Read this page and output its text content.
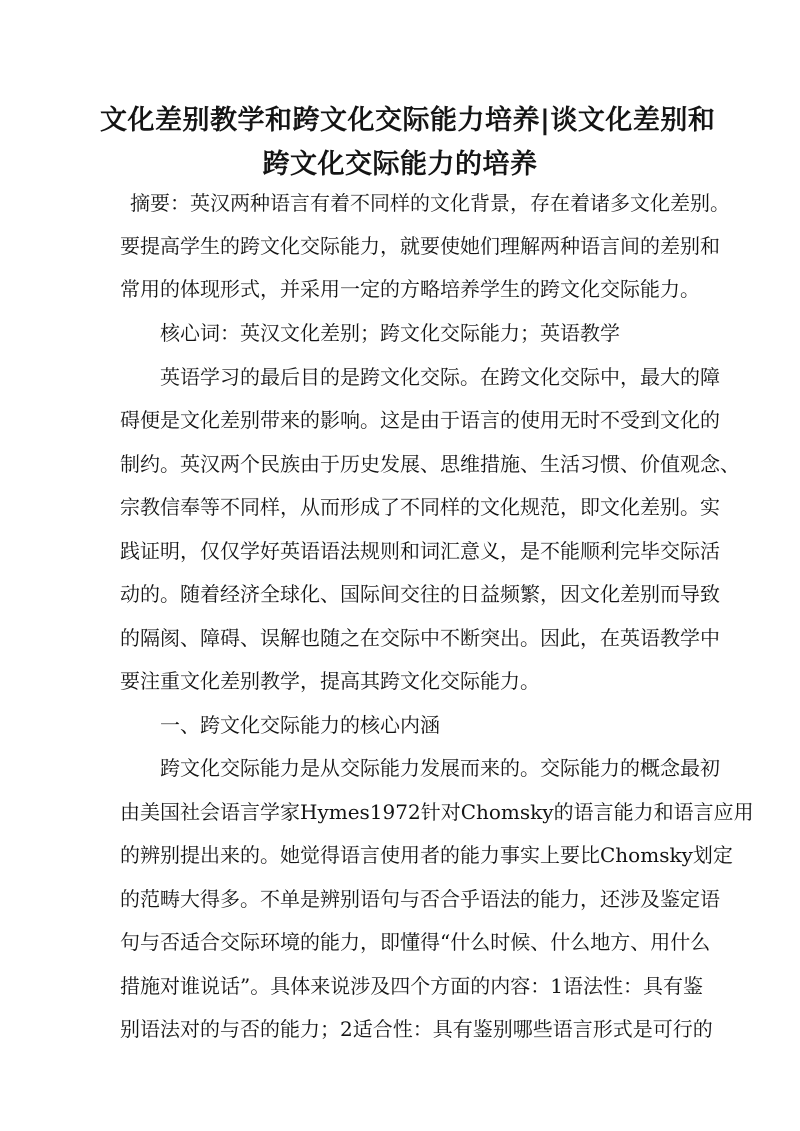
文化差别教学和跨文化交际能力培养|谈文化差别和
跨文化交际能力的培养
摘要：英汉两种语言有着不同样的文化背景，存在着诸多文化差别。
要提高学生的跨文化交际能力，就要使她们理解两种语言间的差别和
常用的体现形式，并采用一定的方略培养学生的跨文化交际能力。
核心词：英汉文化差别；跨文化交际能力；英语教学
英语学习的最后目的是跨文化交际。在跨文化交际中，最大的障
碍便是文化差别带来的影响。这是由于语言的使用无时不受到文化的
制约。英汉两个民族由于历史发展、思维措施、生活习惯、价值观念、
宗教信奉等不同样，从而形成了不同样的文化规范，即文化差别。实
践证明，仅仅学好英语语法规则和词汇意义，是不能顺利完毕交际活
动的。随着经济全球化、国际间交往的日益频繁，因文化差别而导致
的隔阂、障碍、误解也随之在交际中不断突出。因此，在英语教学中
要注重文化差别教学，提高其跨文化交际能力。
一、跨文化交际能力的核心内涵
跨文化交际能力是从交际能力发展而来的。交际能力的概念最初
由美国社会语言学家Hymes1972针对Chomsky的语言能力和语言应用
的辨别提出来的。她觉得语言使用者的能力事实上要比Chomsky划定
的范畴大得多。不单是辨别语句与否合乎语法的能力，还涉及鉴定语
句与否适合交际环境的能力，即懂得“什么时候、什么地方、用什么
措施对谁说话”。具体来说涉及四个方面的内容：1语法性：具有鉴
别语法对的与否的能力；2适合性：具有鉴别哪些语言形式是可行的
